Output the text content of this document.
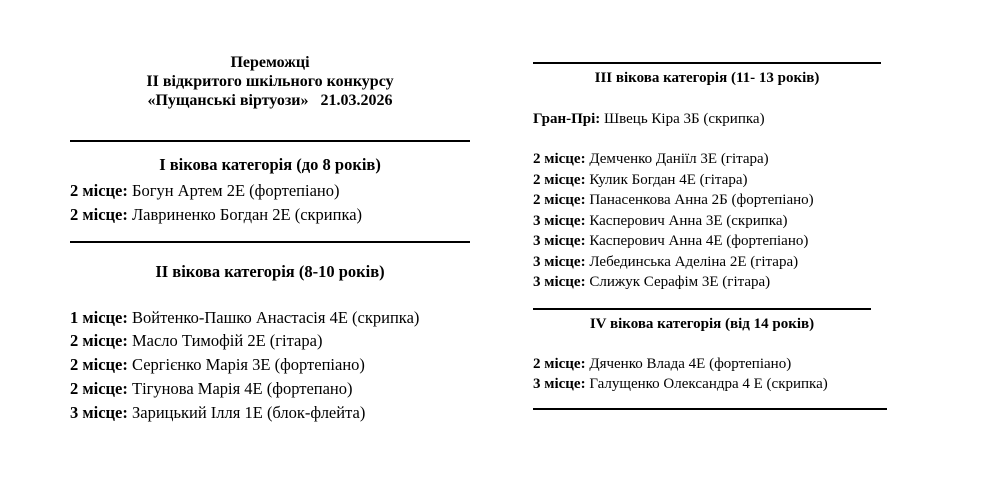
Переможці

ІІ відкритого шкільного конкурсу

«Пущанські віртуози»   21.03.2026

І вікова категорія (до 8 років)

2 місце: Богун Артем 2Е (фортепіано)

2 місце: Лавриненко Богдан 2Е (скрипка)

ІІ вікова категорія (8-10 років)

1 місце: Войтенко-Пашко Анастасія 4Е (скрипка)

2 місце: Масло Тимофій 2Е (гітара)

2 місце: Сергієнко Марія 3Е (фортепіано)

2 місце: Тігунова Марія 4Е (фортепано)

3 місце: Зарицький Ілля 1Е (блок-флейта)

ІІІ вікова категорія (11- 13 років)

Гран-Прі: Швець Кіра 3Б (скрипка)

2 місце: Демченко Даніїл 3Е (гітара)

2 місце: Кулик Богдан 4Е (гітара)

2 місце: Панасенкова Анна 2Б (фортепіано)

3 місце: Касперович Анна 3Е (скрипка)

3 місце: Касперович Анна 4Е (фортепіано)

3 місце: Лебединська Аделіна 2Е (гітара)

3 місце: Слижук Серафім 3Е (гітара)

IV вікова категорія (від 14 років)

2 місце: Дяченко Влада 4Е (фортепіано)

3 місце: Галущенко Олександра 4 Е (скрипка)
